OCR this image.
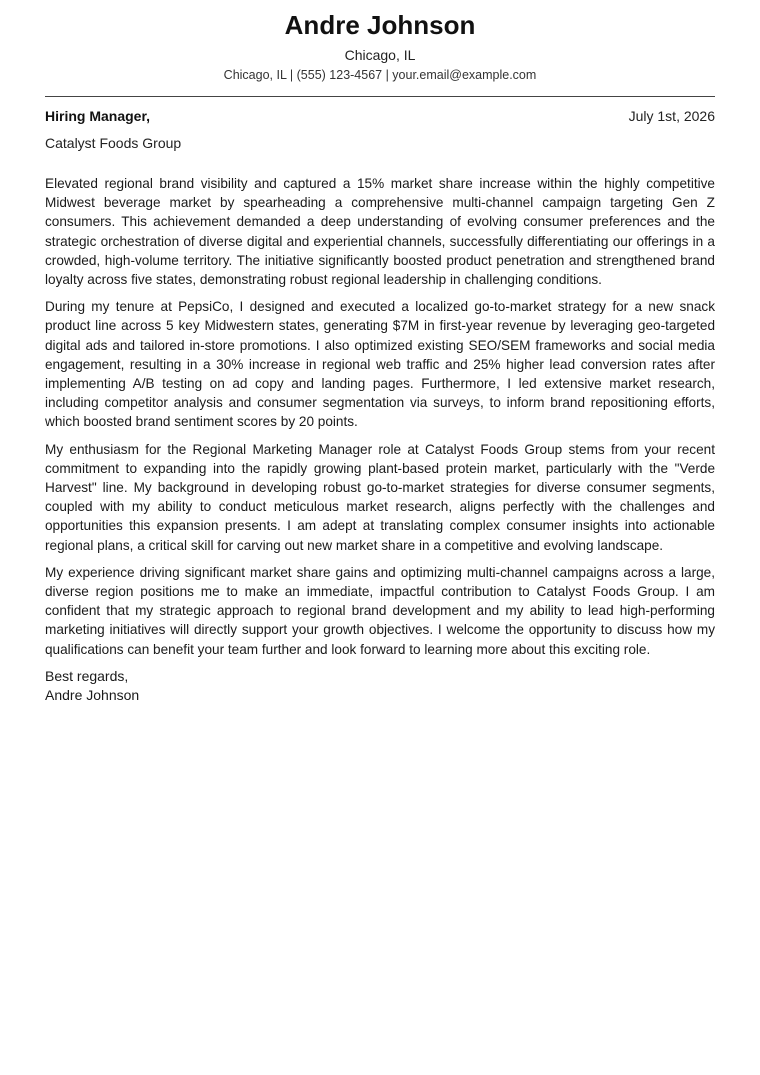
Andre Johnson
Chicago, IL
Chicago, IL | (555) 123-4567 | your.email@example.com
Hiring Manager,	July 1st, 2026
Catalyst Foods Group

Elevated regional brand visibility and captured a 15% market share increase within the highly competitive Midwest beverage market by spearheading a comprehensive multi-channel campaign targeting Gen Z consumers. This achievement demanded a deep understanding of evolving consumer preferences and the strategic orchestration of diverse digital and experiential channels, successfully differentiating our offerings in a crowded, high-volume territory. The initiative significantly boosted product penetration and strengthened brand loyalty across five states, demonstrating robust regional leadership in challenging conditions.

During my tenure at PepsiCo, I designed and executed a localized go-to-market strategy for a new snack product line across 5 key Midwestern states, generating $7M in first-year revenue by leveraging geo-targeted digital ads and tailored in-store promotions. I also optimized existing SEO/SEM frameworks and social media engagement, resulting in a 30% increase in regional web traffic and 25% higher lead conversion rates after implementing A/B testing on ad copy and landing pages. Furthermore, I led extensive market research, including competitor analysis and consumer segmentation via surveys, to inform brand repositioning efforts, which boosted brand sentiment scores by 20 points.

My enthusiasm for the Regional Marketing Manager role at Catalyst Foods Group stems from your recent commitment to expanding into the rapidly growing plant-based protein market, particularly with the "Verde Harvest" line. My background in developing robust go-to-market strategies for diverse consumer segments, coupled with my ability to conduct meticulous market research, aligns perfectly with the challenges and opportunities this expansion presents. I am adept at translating complex consumer insights into actionable regional plans, a critical skill for carving out new market share in a competitive and evolving landscape.

My experience driving significant market share gains and optimizing multi-channel campaigns across a large, diverse region positions me to make an immediate, impactful contribution to Catalyst Foods Group. I am confident that my strategic approach to regional brand development and my ability to lead high-performing marketing initiatives will directly support your growth objectives. I welcome the opportunity to discuss how my qualifications can benefit your team further and look forward to learning more about this exciting role.

Best regards,
Andre Johnson
